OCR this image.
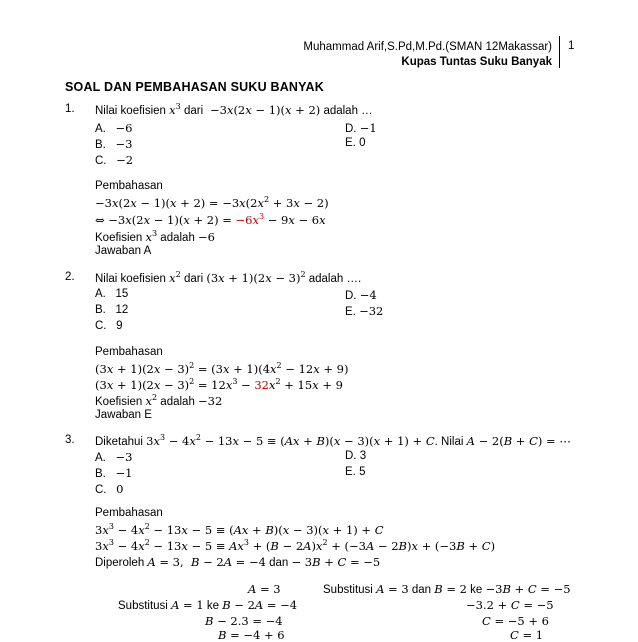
Muhammad Arif,S.Pd,M.Pd.(SMAN 12Makassar)
Kupas Tuntas Suku Banyak
1
SOAL DAN PEMBAHASAN SUKU BANYAK
1. Nilai koefisien $x^3$ dari  −3x(2x − 1)(x + 2) adalah …
A.   −6
B.   −3
C.   −2
D. −1
E. 0
Pembahasan
$-3x(2x - 1)(x + 2) = -3x(2x^2 + 3x - 2)$
⇔ $-3x(2x - 1)(x + 2) = -6x^3 - 9x - 6x$
Koefisien $x^3$ adalah −6
Jawaban A
2. Nilai koefisien $x^2$ dari $(3x + 1)(2x - 3)^2$ adalah ….
A.   15
B.   12
C.   9
D. −4
E. −32
Pembahasan
$(3x + 1)(2x - 3)^2 = (3x + 1)(4x^2 - 12x + 9)$
$(3x + 1)(2x - 3)^2 = 12x^3 - 32x^2 + 15x + 9$
Koefisien $x^2$ adalah −32
Jawaban E
3. Diketahui $3x^3 - 4x^2 - 13x - 5 \equiv (Ax + B)(x - 3)(x + 1) + C$. Nilai A − 2(B + C) = ⋯
A.   −3
B.   −1
C.   0
D. 3
E. 5
Pembahasan
$3x^3 - 4x^2 - 13x - 5 \equiv (Ax + B)(x - 3)(x + 1) + C$
$3x^3 - 4x^2 - 13x - 5 \equiv Ax^3 + (B - 2A)x^2 + (-3A - 2B)x + (-3B + C)$
Diperoleh A = 3,  B − 2A = −4 dan − 3B + C = −5
A = 3
Substitusi A = 1 ke B − 2A = −4
B − 2.3 = −4
B = −4 + 6
Substitusi A = 3 dan B = 2 ke −3B + C = −5
−3.2 + C = −5
C = −5 + 6
C = 1
